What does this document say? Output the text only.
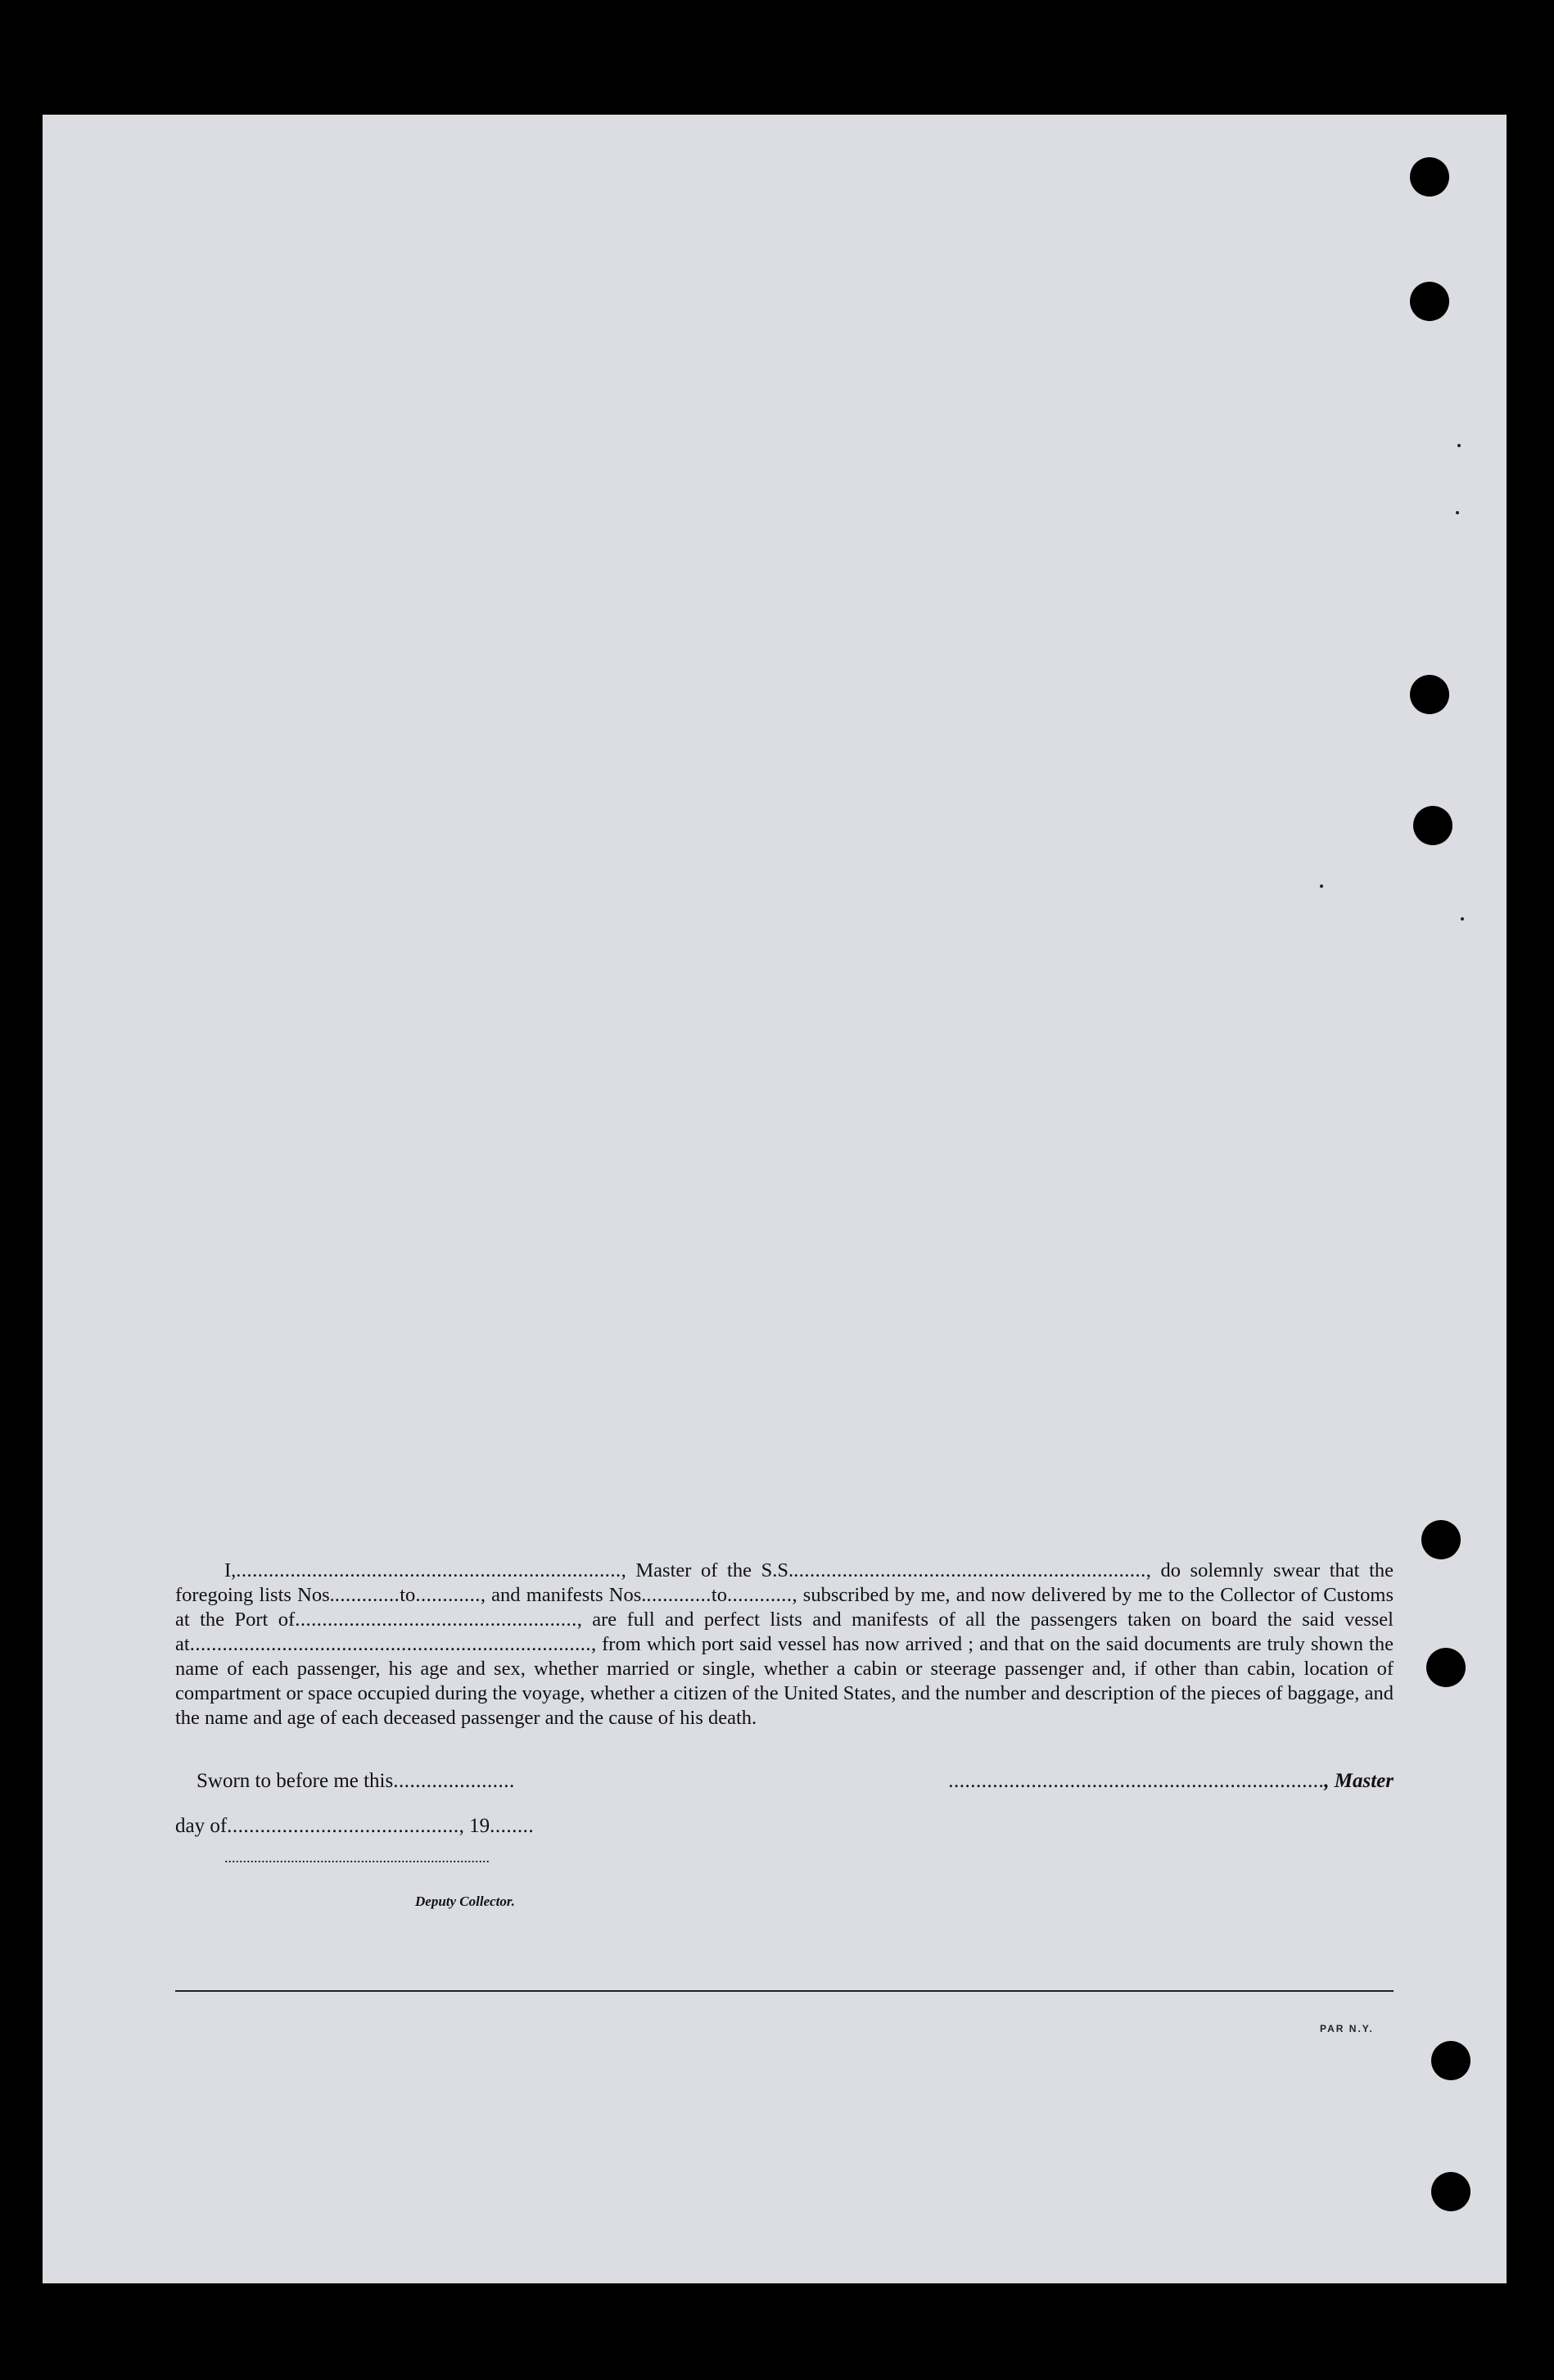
I,......................................................................., Master of the S.S.................................................................., do solemnly swear that the foregoing lists Nos.............to............, and manifests Nos.............to............, subscribed by me, and now delivered by me to the Collector of Customs at the Port of...................................................., are full and perfect lists and manifests of all the passengers taken on board the said vessel at.........................................................................., from which port said vessel has now arrived ; and that on the said documents are truly shown the name of each passenger, his age and sex, whether married or single, whether a cabin or steerage passenger and, if other than cabin, location of compartment or space occupied during the voyage, whether a citizen of the United States, and the number and description of the pieces of baggage, and the name and age of each deceased passenger and the cause of his death.

Sworn to before me this......................	...................................................................., Master
day of.........................................., 19........
........................................................................
Deputy Collector.
PAR N.Y.
